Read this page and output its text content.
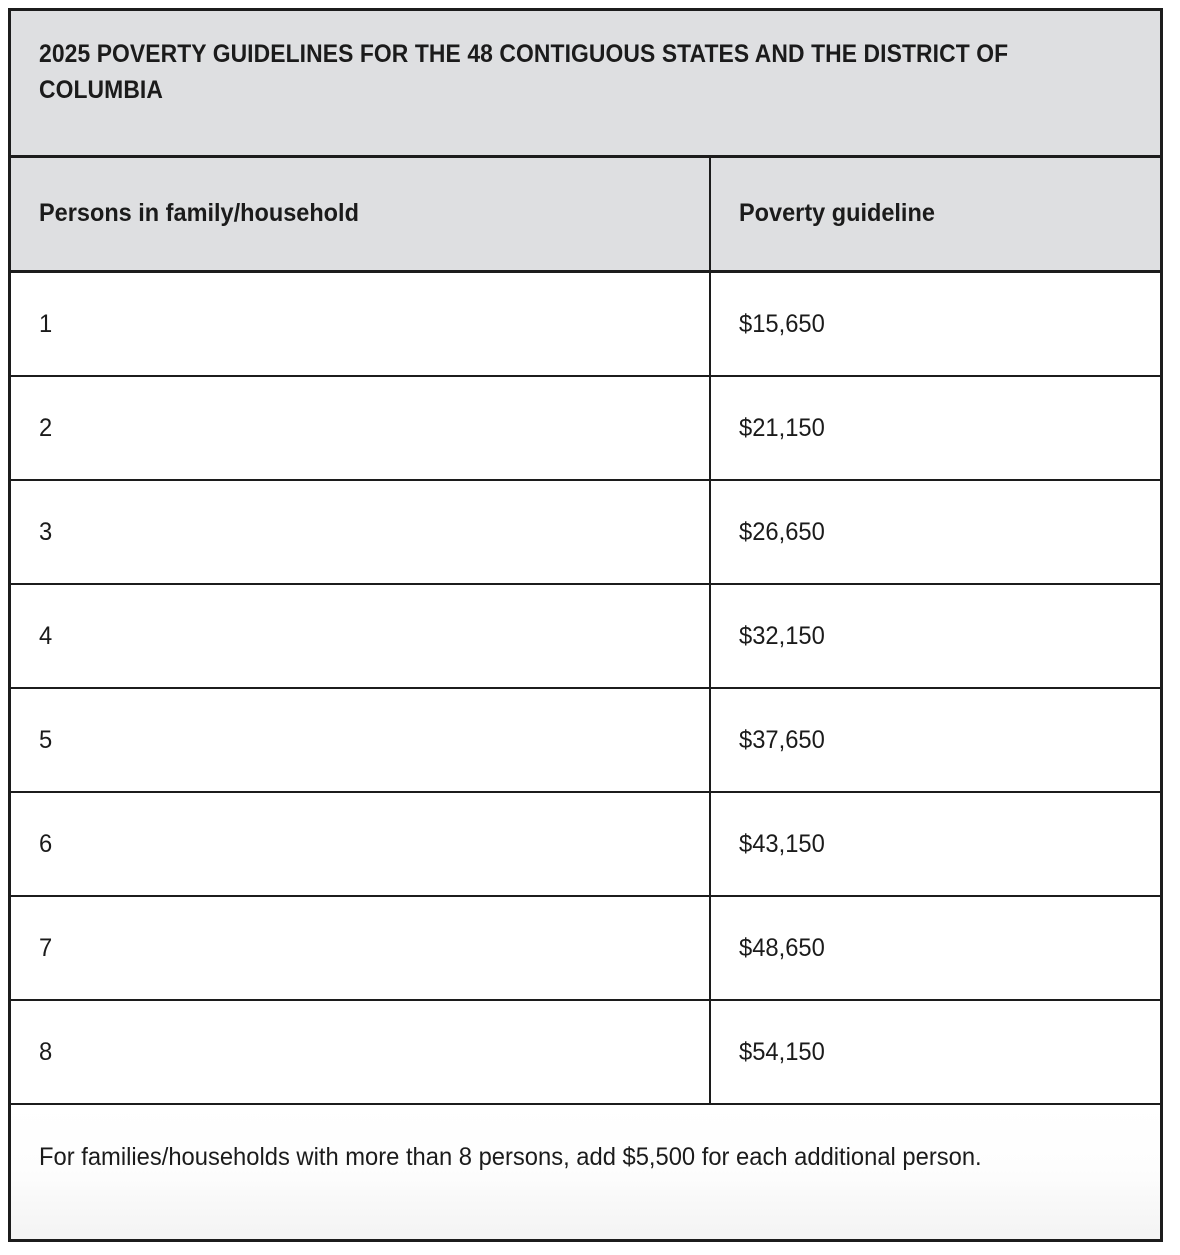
2025 POVERTY GUIDELINES FOR THE 48 CONTIGUOUS STATES AND THE DISTRICT OF COLUMBIA
Persons in family/household	Poverty guideline
1	$15,650
2	$21,150
3	$26,650
4	$32,150
5	$37,650
6	$43,150
7	$48,650
8	$54,150

For families/households with more than 8 persons, add $5,500 for each additional person.
